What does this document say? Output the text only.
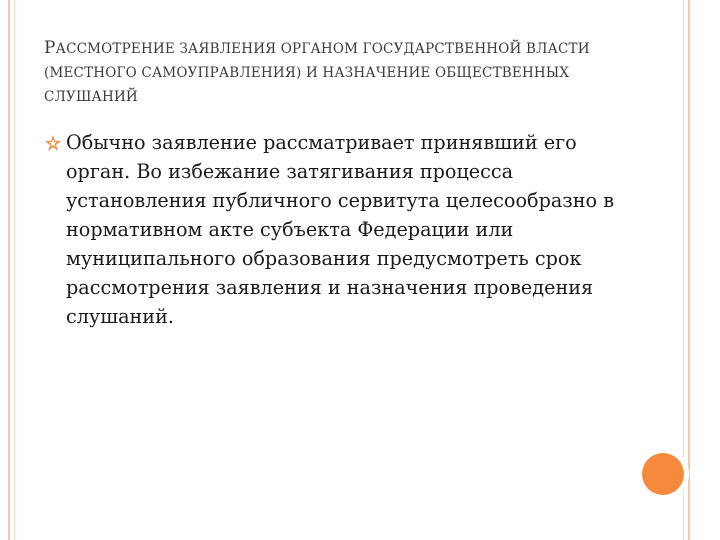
РАССМОТРЕНИЕ ЗАЯВЛЕНИЯ ОРГАНОМ ГОСУДАРСТВЕННОЙ ВЛАСТИ (МЕСТНОГО САМОУПРАВЛЕНИЯ) И НАЗНАЧЕНИЕ ОБЩЕСТВЕННЫХ СЛУШАНИЙ
Обычно заявление рассматривает принявший его орган. Во избежание затягивания процесса установления публичного сервитута целесообразно в нормативном акте субъекта Федерации или муниципального образования предусмотреть срок рассмотрения заявления и назначения проведения слушаний.
